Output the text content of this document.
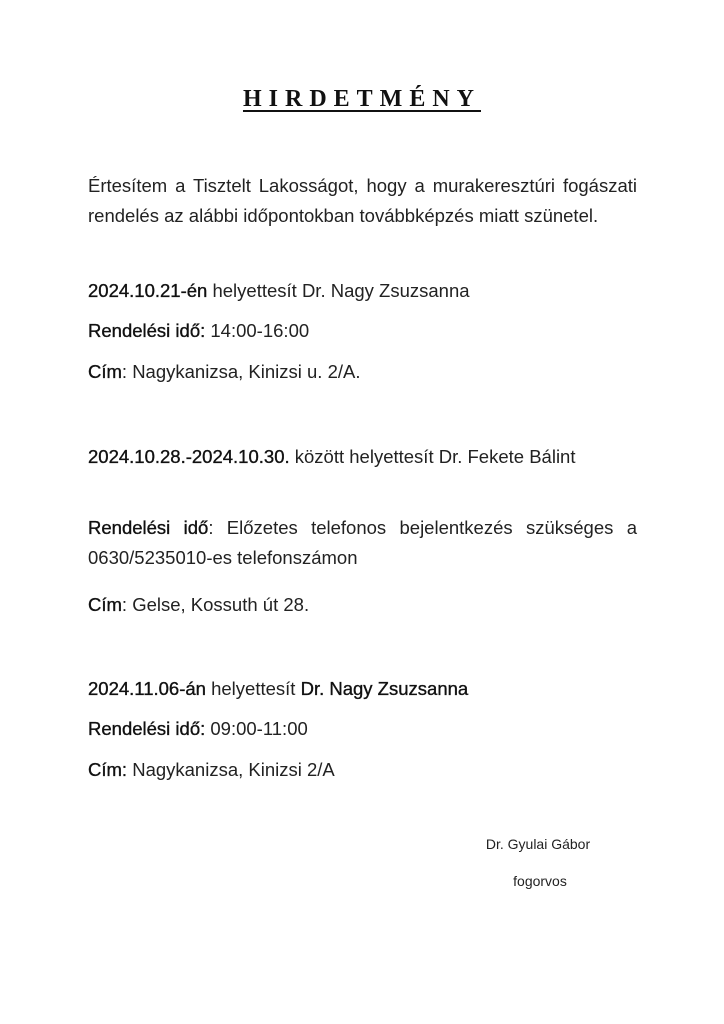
HIRDETMÉNY
Értesítem a Tisztelt Lakosságot, hogy a murakeresztúri fogászati rendelés az alábbi időpontokban továbbképzés miatt szünetel.
2024.10.21-én helyettesít Dr. Nagy Zsuzsanna
Rendelési idő: 14:00-16:00
Cím: Nagykanizsa, Kinizsi u. 2/A.
2024.10.28.-2024.10.30. között helyettesít Dr. Fekete Bálint
Rendelési idő: Előzetes telefonos bejelentkezés szükséges a 0630/5235010-es telefonszámon
Cím: Gelse, Kossuth út 28.
2024.11.06-án helyettesít Dr. Nagy Zsuzsanna
Rendelési idő: 09:00-11:00
Cím: Nagykanizsa, Kinizsi 2/A
Dr. Gyulai Gábor
fogorvos
